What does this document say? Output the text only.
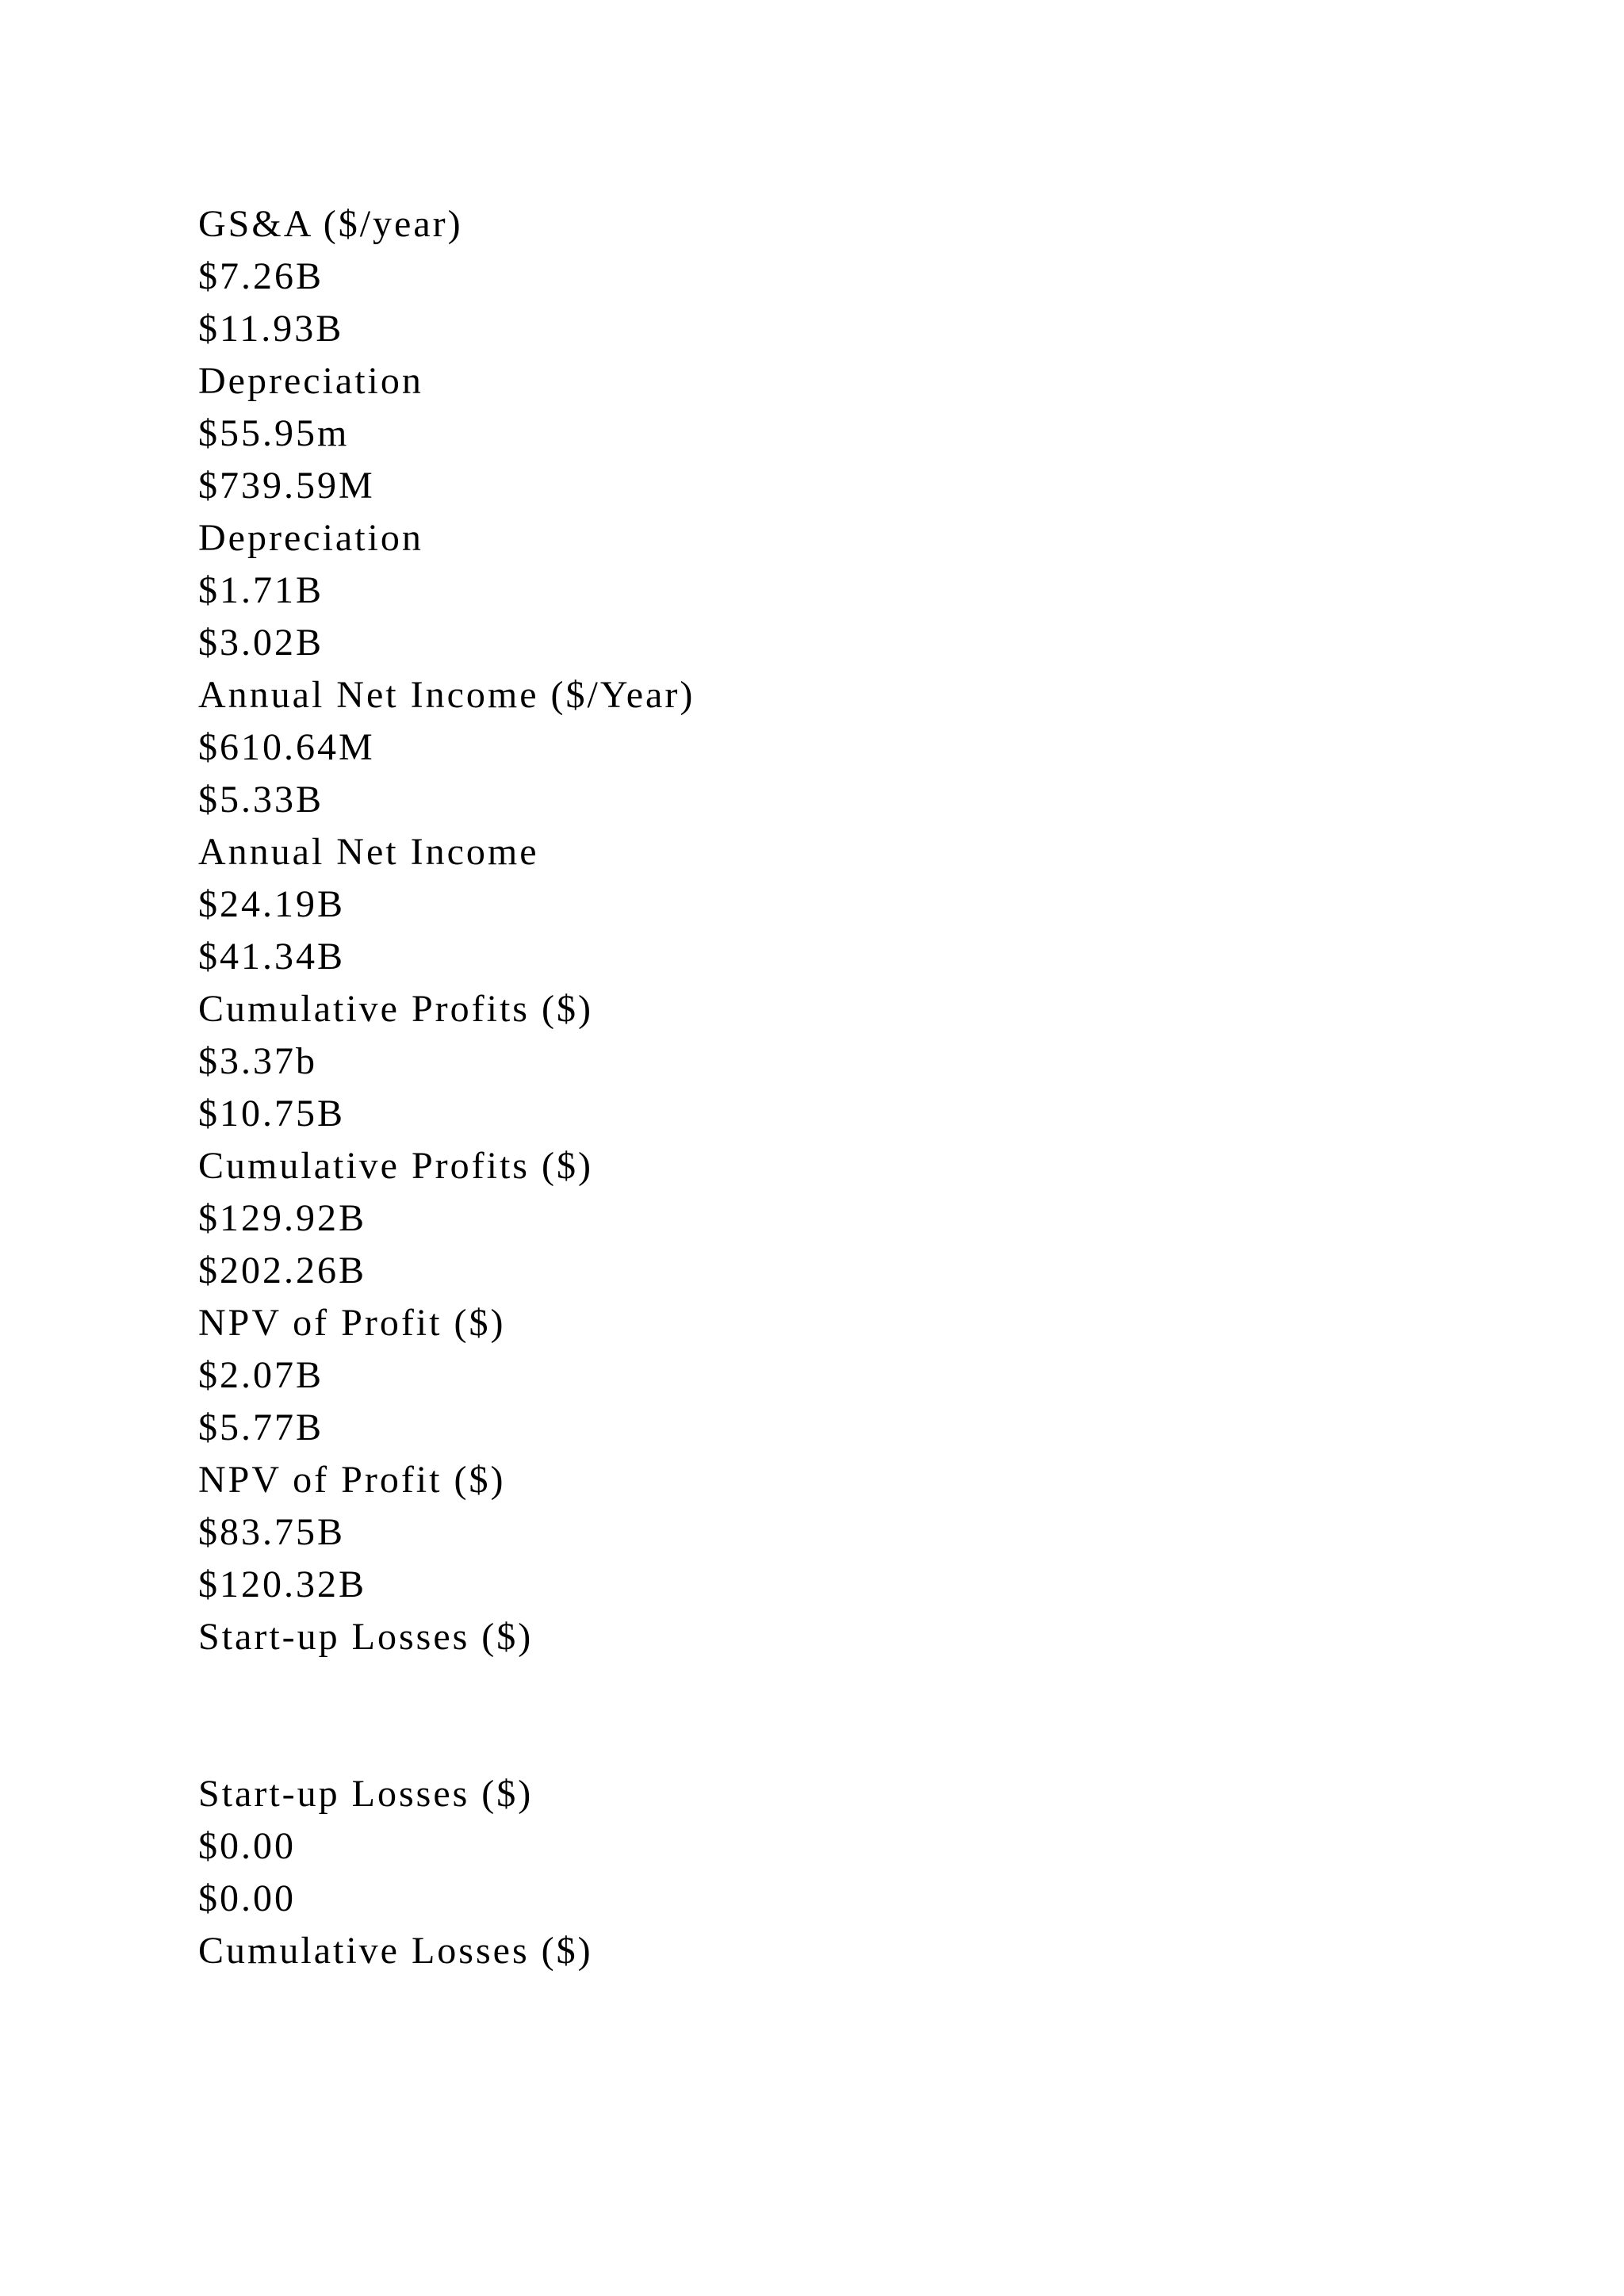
GS&A ($/year)

$7.26B

$11.93B

Depreciation

$55.95m

$739.59M

Depreciation

$1.71B

$3.02B

Annual Net Income ($/Year)

$610.64M

$5.33B

Annual Net Income

$24.19B

$41.34B

Cumulative Profits ($)

$3.37b

$10.75B

Cumulative Profits ($)

$129.92B

$202.26B

NPV of Profit ($)

$2.07B

$5.77B

NPV of Profit ($)

$83.75B

$120.32B

Start-up Losses ($)

Start-up Losses ($)

$0.00

$0.00

Cumulative Losses ($)
